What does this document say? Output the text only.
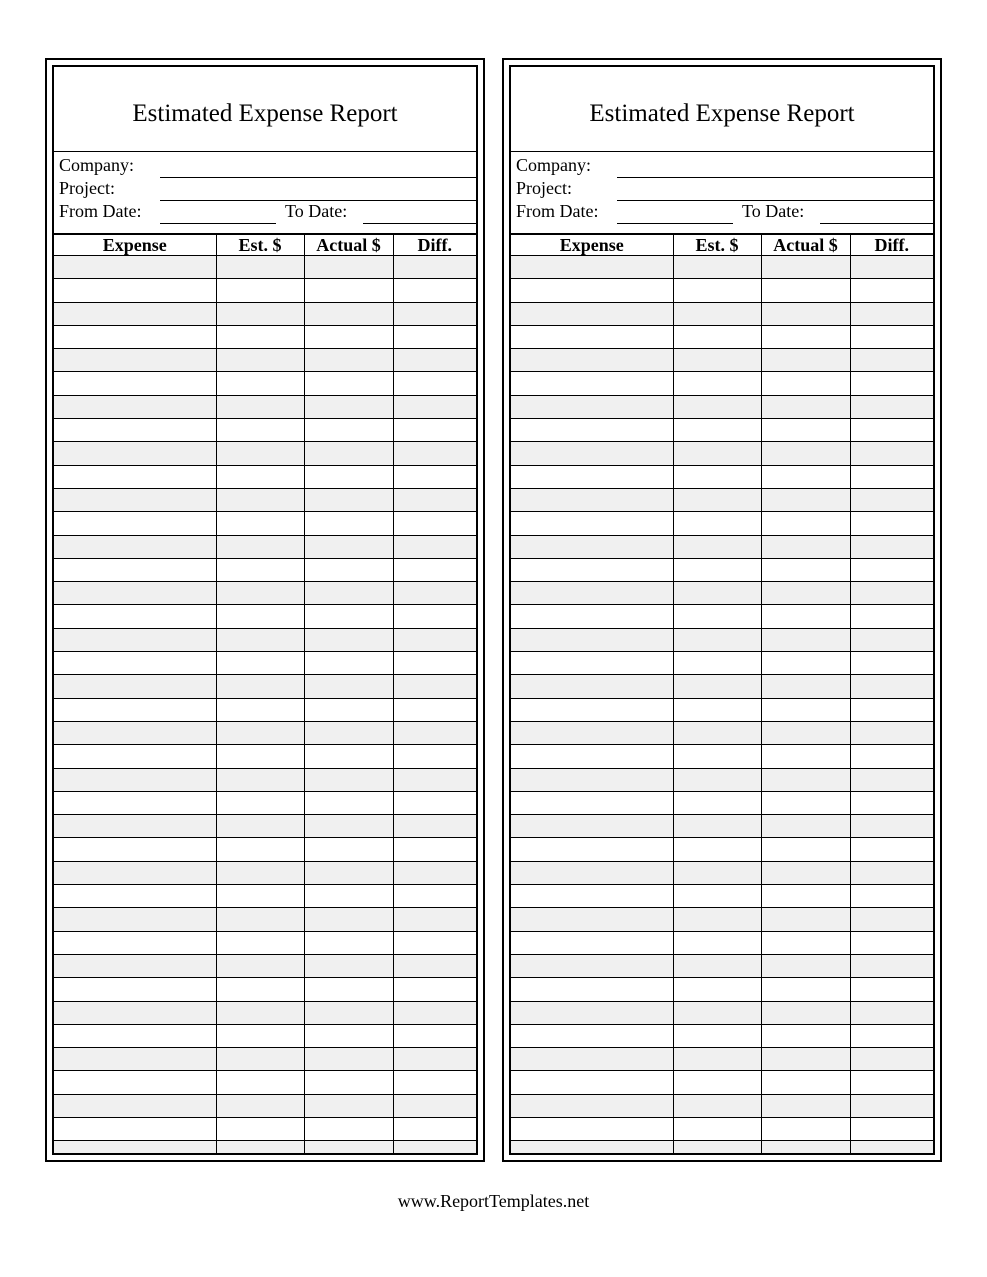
Estimated Expense Report
Company:
Project:
From Date:	To Date:
Expense	Est. $	Actual $	Diff.

Estimated Expense Report
Company:
Project:
From Date:	To Date:
Expense	Est. $	Actual $	Diff.

www.ReportTemplates.net
